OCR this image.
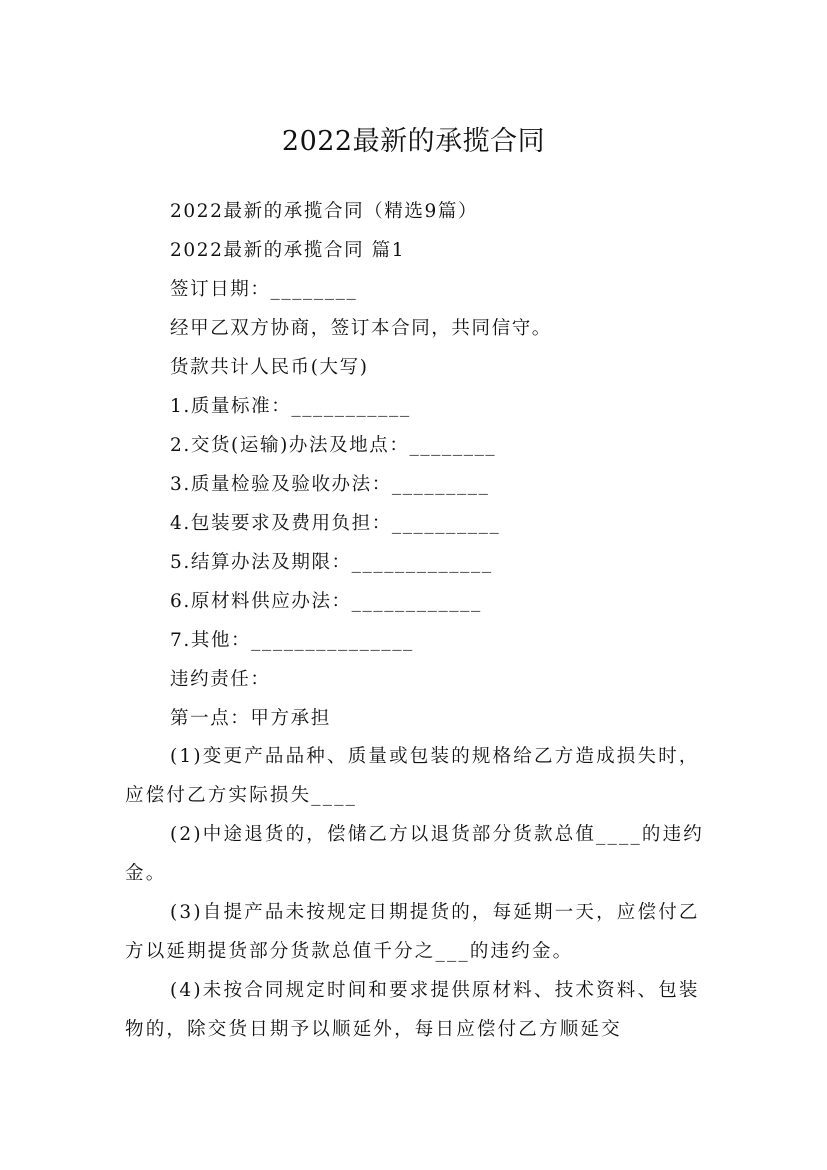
2022最新的承揽合同
2022最新的承揽合同（精选9篇）
2022最新的承揽合同 篇1
签订日期：________
经甲乙双方协商，签订本合同，共同信守。
货款共计人民币(大写)
1.质量标准：___________
2.交货(运输)办法及地点：________
3.质量检验及验收办法：_________
4.包装要求及费用负担：__________
5.结算办法及期限：_____________
6.原材料供应办法：____________
7.其他：_______________
违约责任：
第一点：甲方承担

(1)变更产品品种、质量或包装的规格给乙方造成损失时，应偿付乙方实际损失____

(2)中途退货的，偿储乙方以退货部分货款总值____的违约金。

(3)自提产品未按规定日期提货的，每延期一天，应偿付乙方以延期提货部分货款总值千分之___的违约金。

(4)未按合同规定时间和要求提供原材料、技术资料、包装物的，除交货日期予以顺延外，每日应偿付乙方顺延交
